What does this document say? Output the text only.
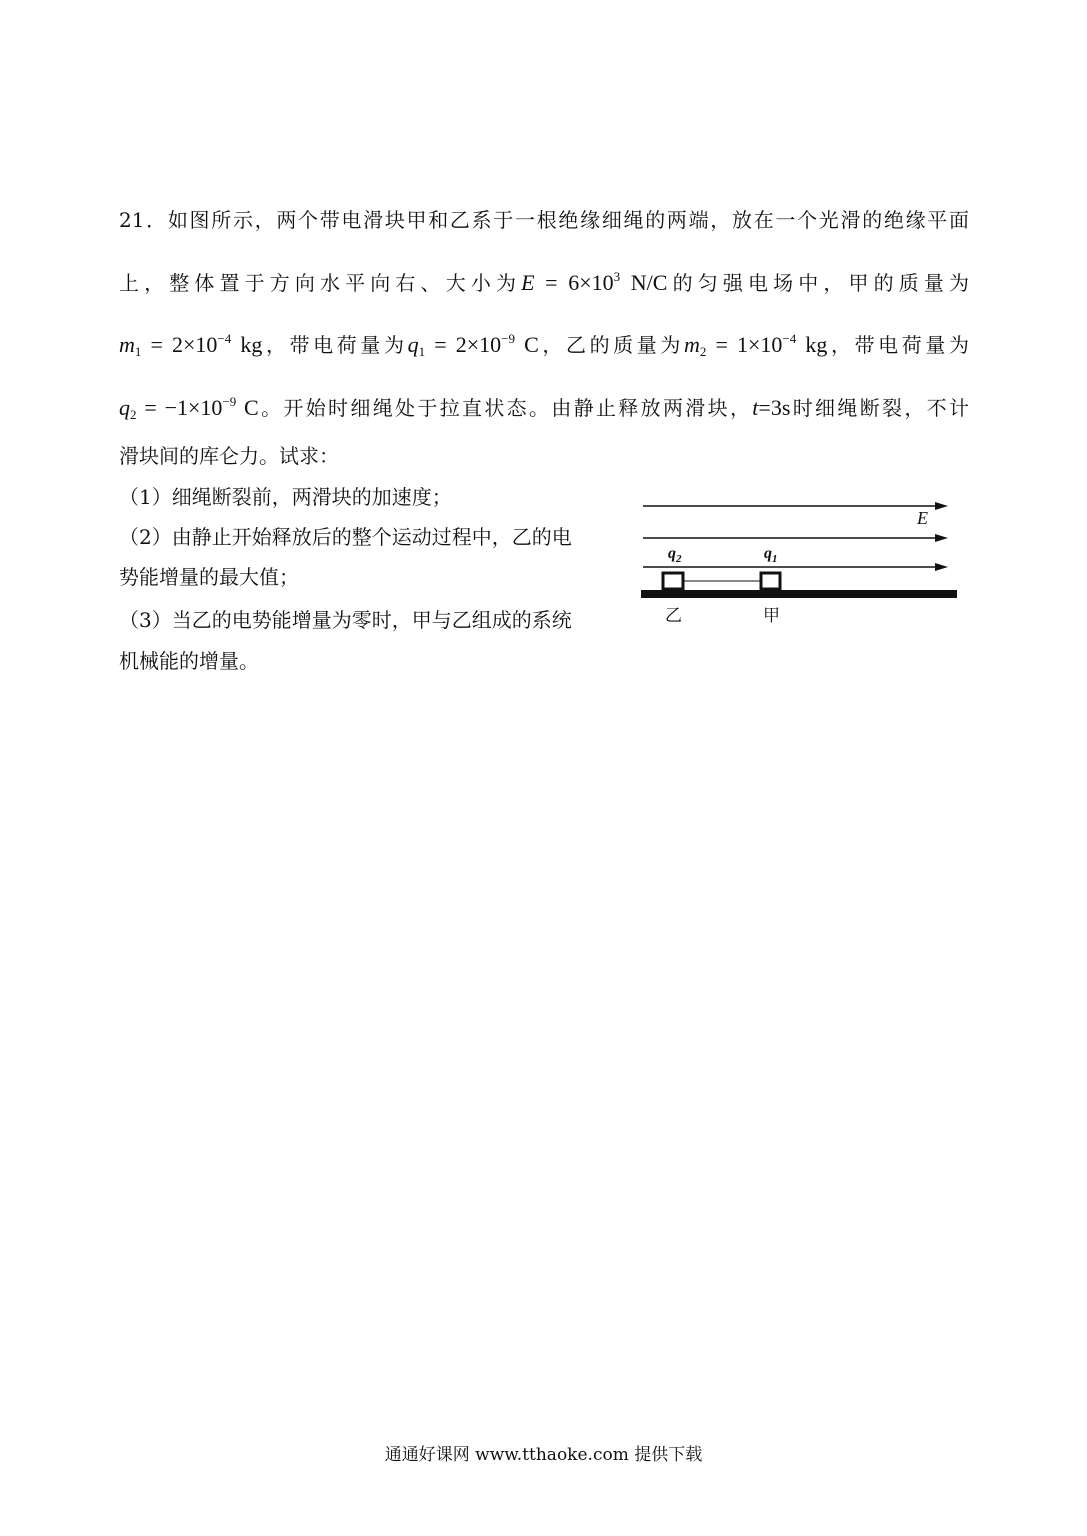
21．如图所示，两个带电滑块甲和乙系于一根绝缘细绳的两端，放在一个光滑的绝缘平面
上，整体置于方向水平向右、大小为$E = 6\times 10^3$ N/C的匀强电场中，甲的质量为
$m_1 = 2\times 10^{-4}$ kg，带电荷量为$q_1 = 2\times 10^{-9}$ C，乙的质量为$m_2 = 1\times 10^{-4}$ kg，带电荷量为
$q_2 = -1\times 10^{-9}$ C。开始时细绳处于拉直状态。由静止释放两滑块，t=3s时细绳断裂，不计
滑块间的库仑力。试求：
（1）细绳断裂前，两滑块的加速度；
（2）由静止开始释放后的整个运动过程中，乙的电
势能增量的最大值；
（3）当乙的电势能增量为零时，甲与乙组成的系统
机械能的增量。
E
$q_2$	$q_1$
乙	甲
通通好课网 www.tthaoke.com 提供下载
